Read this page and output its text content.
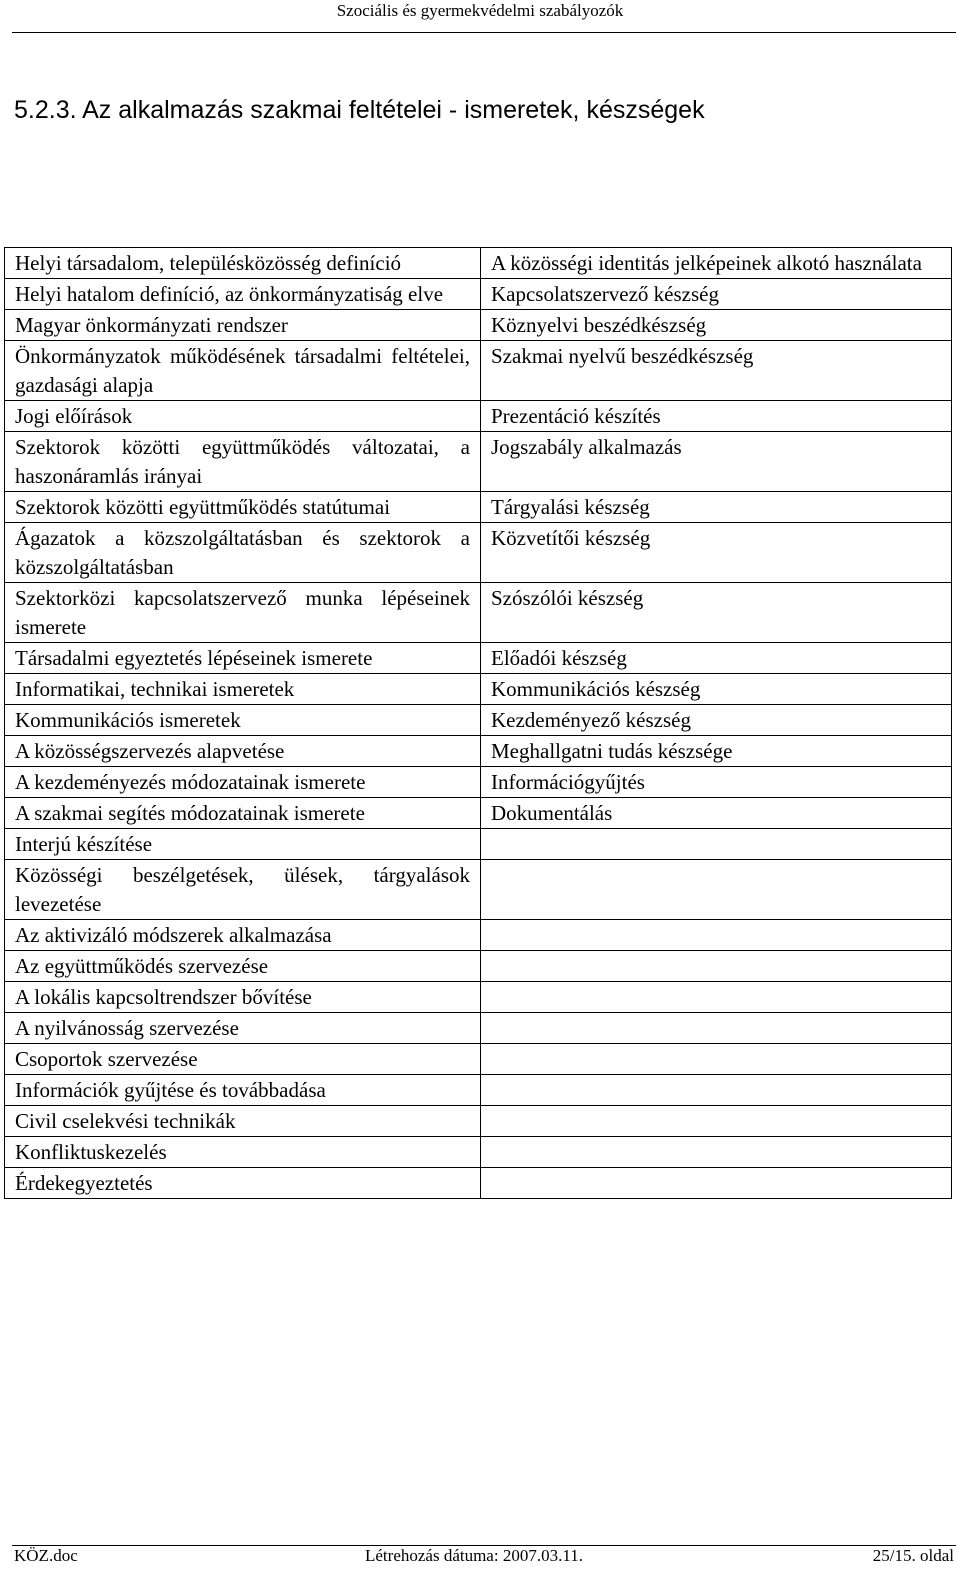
Szociális és gyermekvédelmi szabályozók
5.2.3. Az alkalmazás szakmai feltételei - ismeretek, készségek
Helyi társadalom, településközösség definíció	A közösségi identitás jelképeinek alkotó használata
Helyi hatalom definíció, az önkormányzatiság elve	Kapcsolatszervező készség
Magyar önkormányzati rendszer	Köznyelvi beszédkészség
Önkormányzatok működésének társadalmi feltételei, gazdasági alapja	Szakmai nyelvű beszédkészség
Jogi előírások	Prezentáció készítés
Szektorok közötti együttműködés változatai, a haszonáramlás irányai	Jogszabály alkalmazás
Szektorok közötti együttműködés statútumai	Tárgyalási készség
Ágazatok a közszolgáltatásban és szektorok a közszolgáltatásban	Közvetítői készség
Szektorközi kapcsolatszervező munka lépéseinek ismerete	Szószólói készség
Társadalmi egyeztetés lépéseinek ismerete	Előadói készség
Informatikai, technikai ismeretek	Kommunikációs készség
Kommunikációs ismeretek	Kezdeményező készség
A közösségszervezés alapvetése	Meghallgatni tudás készsége
A kezdeményezés módozatainak ismerete	Információgyűjtés
A szakmai segítés módozatainak ismerete	Dokumentálás
Interjú készítése	
Közösségi beszélgetések, ülések, tárgyalások levezetése	
Az aktivizáló módszerek alkalmazása	
Az együttműködés szervezése	
A lokális kapcsoltrendszer bővítése	
A nyilvánosság szervezése	
Csoportok szervezése	
Információk gyűjtése és továbbadása	
Civil cselekvési technikák	
Konfliktuskezelés	
Érdekegyeztetés	
KÖZ.doc	Létrehozás dátuma: 2007.03.11.	25/15. oldal
